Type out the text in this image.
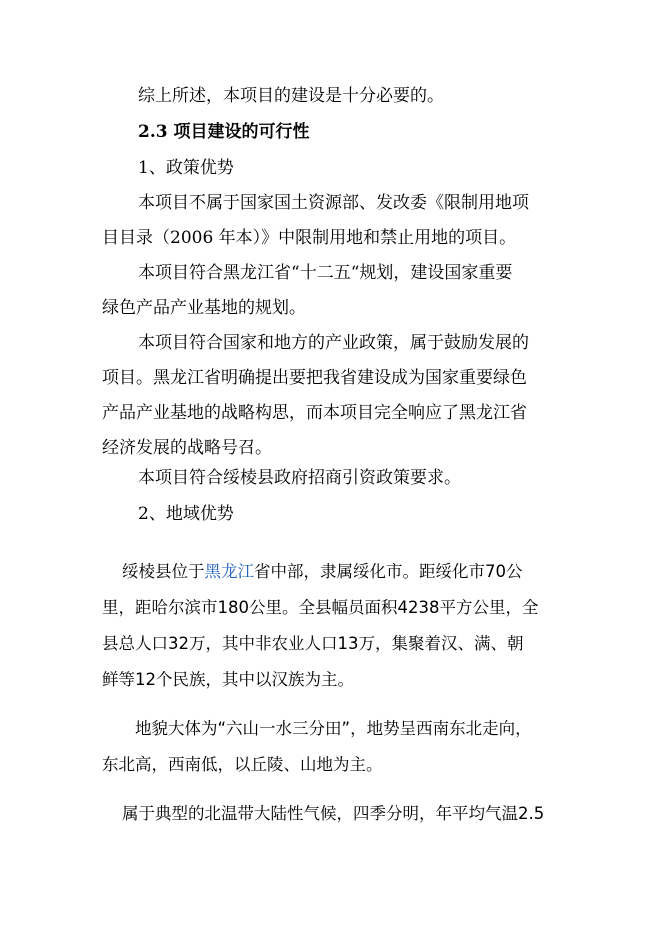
综上所述，本项目的建设是十分必要的。
2.3 项目建设的可行性
1、政策优势
本项目不属于国家国土资源部、发改委《限制用地项
目目录（2006 年本）》中限制用地和禁止用地的项目。
本项目符合黑龙江省“十二五“规划，建设国家重要
绿色产品产业基地的规划。
本项目符合国家和地方的产业政策，属于鼓励发展的
项目。黑龙江省明确提出要把我省建设成为国家重要绿色
产品产业基地的战略构思，而本项目完全响应了黑龙江省
经济发展的战略号召。
本项目符合绥棱县政府招商引资政策要求。
2、地域优势
绥棱县位于黑龙江省中部，隶属绥化市。距绥化市70公
里，距哈尔滨市180公里。全县幅员面积4238平方公里，全
县总人口32万，其中非农业人口13万，集聚着汉、满、朝
鲜等12个民族，其中以汉族为主。
地貌大体为“六山一水三分田”，地势呈西南东北走向，
东北高，西南低，以丘陵、山地为主。
属于典型的北温带大陆性气候，四季分明，年平均气温2.5
